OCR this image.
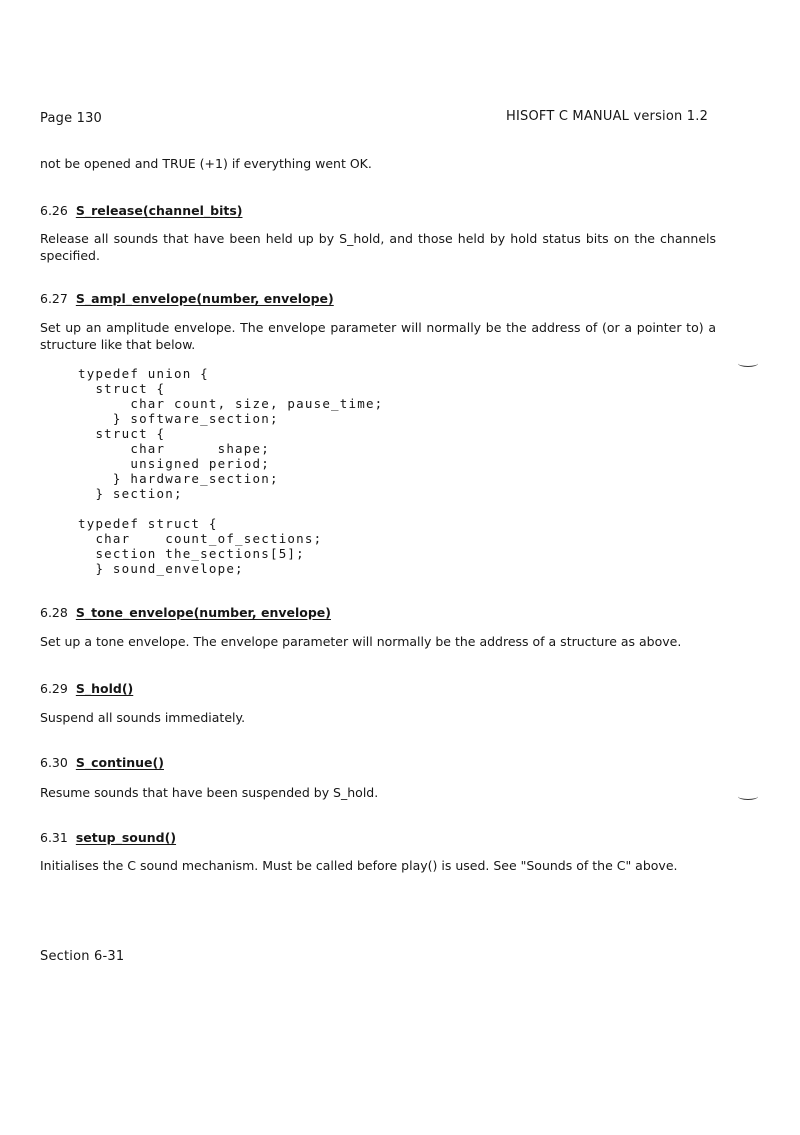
Page 130	HISOFT C MANUAL version 1.2
not be opened and TRUE (+1) if everything went OK.
6.26 S_release(channel_bits)
Release all sounds that have been held up by S_hold, and those held by hold status bits on the channels specified.
6.27 S_ampl_envelope(number, envelope)
Set up an amplitude envelope. The envelope parameter will normally be the address of (or a pointer to) a structure like that below.
typedef union {
struct {
char count, size, pause_time;
} software_section;
struct {
char      shape;
unsigned period;
} hardware_section;
} section;

typedef struct {
char    count_of_sections;
section the_sections[5];
} sound_envelope;
6.28 S_tone_envelope(number, envelope)
Set up a tone envelope. The envelope parameter will normally be the address of a structure as above.
6.29 S_hold()
Suspend all sounds immediately.
6.30 S_continue()
Resume sounds that have been suspended by S_hold.
6.31 setup_sound()
Initialises the C sound mechanism. Must be called before play() is used. See "Sounds of the C" above.
Section 6-31
